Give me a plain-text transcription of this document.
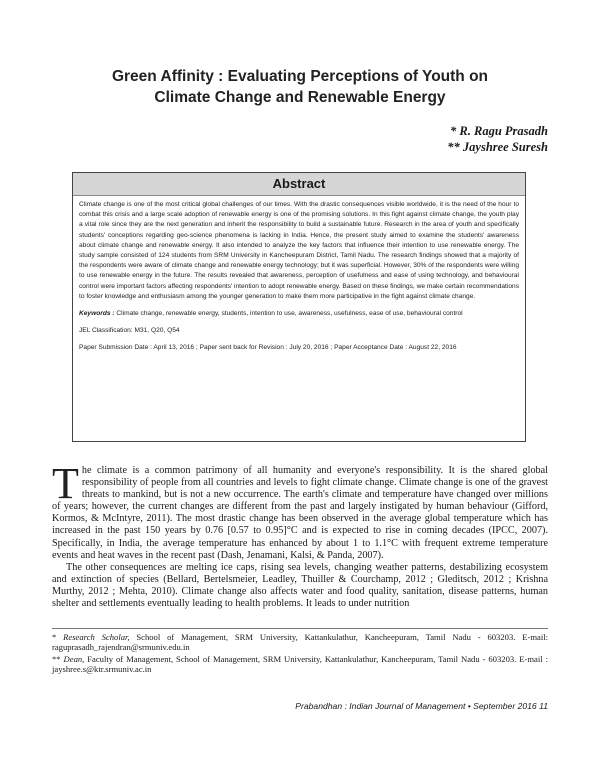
Green Affinity : Evaluating Perceptions of Youth on
Climate Change and Renewable Energy
* R. Ragu Prasadh
** Jayshree Suresh
Abstract

Climate change is one of the most critical global challenges of our times. With the drastic consequences visible worldwide, it is the need of the hour to combat this crisis and a large scale adoption of renewable energy is one of the promising solutions. In this fight against climate change, the youth play a vital role since they are the next generation and inherit the responsibility to build a sustainable future. Research in the area of youth and specifically students' conceptions regarding geo-science phenomena is lacking in India. Hence, the present study aimed to examine the students' awareness about climate change and renewable energy. It also intended to analyze the key factors that influence their intention to use renewable energy. The study sample consisted of 124 students from SRM University in Kancheepuram District, Tamil Nadu. The research findings showed that a majority of the respondents were aware of climate change and renewable energy technology; but it was superficial. However, 30% of the respondents were willing to use renewable energy in the future. The results revealed that awareness, perception of usefulness and ease of using technology, and behavioural control were important factors affecting respondents' intention to adopt renewable energy. Based on these findings, we make certain recommendations to foster knowledge and enthusiasm among the younger generation to make them more participative in the fight against climate change.

Keywords : Climate change, renewable energy, students, intention to use, awareness, usefulness, ease of use, behavioural control

JEL Classification: M31, Q20, Q54

Paper Submission Date : April 13, 2016 ; Paper sent back for Revision : July 20, 2016 ; Paper Acceptance Date : August 22, 2016

The climate is a common patrimony of all humanity and everyone's responsibility. It is the shared global responsibility of people from all countries and levels to fight climate change. Climate change is one of the gravest threats to mankind, but is not a new occurrence. The earth's climate and temperature have changed over millions of years; however, the current changes are different from the past and largely instigated by human behaviour (Gifford, Kormos, & McIntyre, 2011). The most drastic change has been observed in the average global temperature which has increased in the past 150 years by 0.76 [0.57 to 0.95]°C and is expected to rise in coming decades (IPCC, 2007). Specifically, in India, the average temperature has enhanced by about 1 to 1.1°C with frequent extreme temperature events and heat waves in the recent past (Dash, Jenamani, Kalsi, & Panda, 2007).

The other consequences are melting ice caps, rising sea levels, changing weather patterns, destabilizing ecosystem and extinction of species (Bellard, Bertelsmeier, Leadley, Thuiller & Courchamp, 2012 ; Gleditsch, 2012 ; Krishna Murthy, 2012 ; Mehta, 2010). Climate change also affects water and food quality, sanitation, disease patterns, human shelter and settlements eventually leading to health problems. It leads to under nutrition

* Research Scholar, School of Management, SRM University, Kattankulathur, Kancheepuram, Tamil Nadu - 603203. E-mail: raguprasadh_rajendran@srmuniv.edu.in

** Dean, Faculty of Management, School of Management, SRM University, Kattankulathur, Kancheepuram, Tamil Nadu - 603203. E-mail : jayshree.s@ktr.srmuniv.ac.in

Prabandhan : Indian Journal of Management • September 2016 11
